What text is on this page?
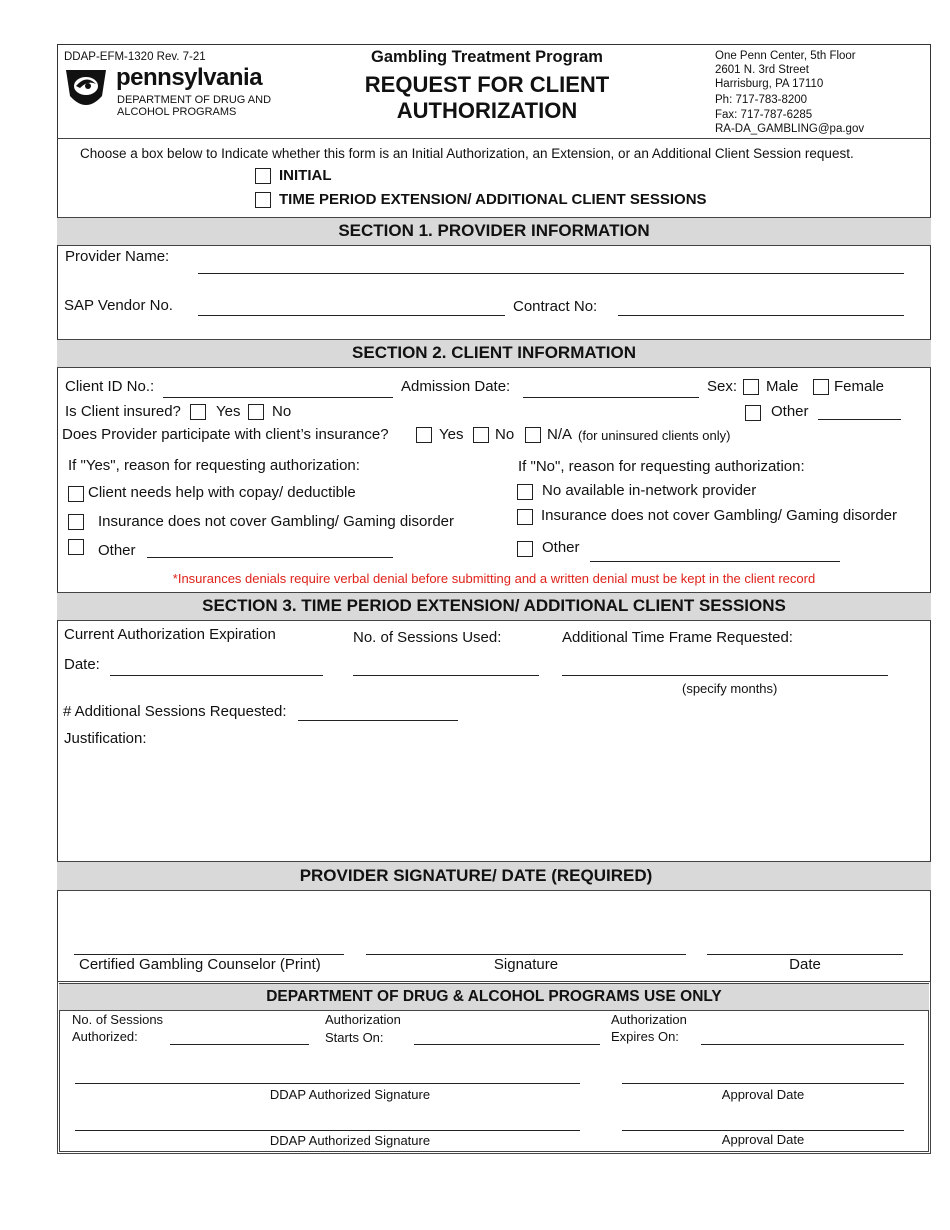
DDAP-EFM-1320 Rev. 7-21
pennsylvania
DEPARTMENT OF DRUG AND
ALCOHOL PROGRAMS
Gambling Treatment Program
REQUEST FOR CLIENT AUTHORIZATION
One Penn Center, 5th Floor
2601 N. 3rd Street
Harrisburg, PA 17110
Ph: 717-783-8200
Fax: 717-787-6285
RA-DA_GAMBLING@pa.gov
Choose a box below to Indicate whether this form is an Initial Authorization, an Extension, or an Additional Client Session request.
INITIAL
TIME PERIOD EXTENSION/ ADDITIONAL CLIENT SESSIONS
SECTION 1. PROVIDER INFORMATION
Provider Name:
SAP Vendor No.	Contract No:
SECTION 2. CLIENT INFORMATION
Client ID No.:	Admission Date:	Sex: Male Female
Is Client insured? Yes No	Other
Does Provider participate with client’s insurance?	Yes No N/A (for uninsured clients only)
If "Yes", reason for requesting authorization:
Client needs help with copay/ deductible
Insurance does not cover Gambling/ Gaming disorder
Other
If "No", reason for requesting authorization:
No available in-network provider
Insurance does not cover Gambling/ Gaming disorder
Other
*Insurances denials require verbal denial before submitting and a written denial must be kept in the client record
SECTION 3. TIME PERIOD EXTENSION/ ADDITIONAL CLIENT SESSIONS
Current Authorization Expiration
Date:
No. of Sessions Used:	Additional Time Frame Requested:
(specify months)
# Additional Sessions Requested:
Justification:
PROVIDER SIGNATURE/ DATE (REQUIRED)
Certified Gambling Counselor (Print)	Signature	Date
DEPARTMENT OF DRUG & ALCOHOL PROGRAMS USE ONLY
No. of Sessions
Authorized:
Authorization
Starts On:
Authorization
Expires On:
DDAP Authorized Signature	Approval Date
DDAP Authorized Signature	Approval Date
